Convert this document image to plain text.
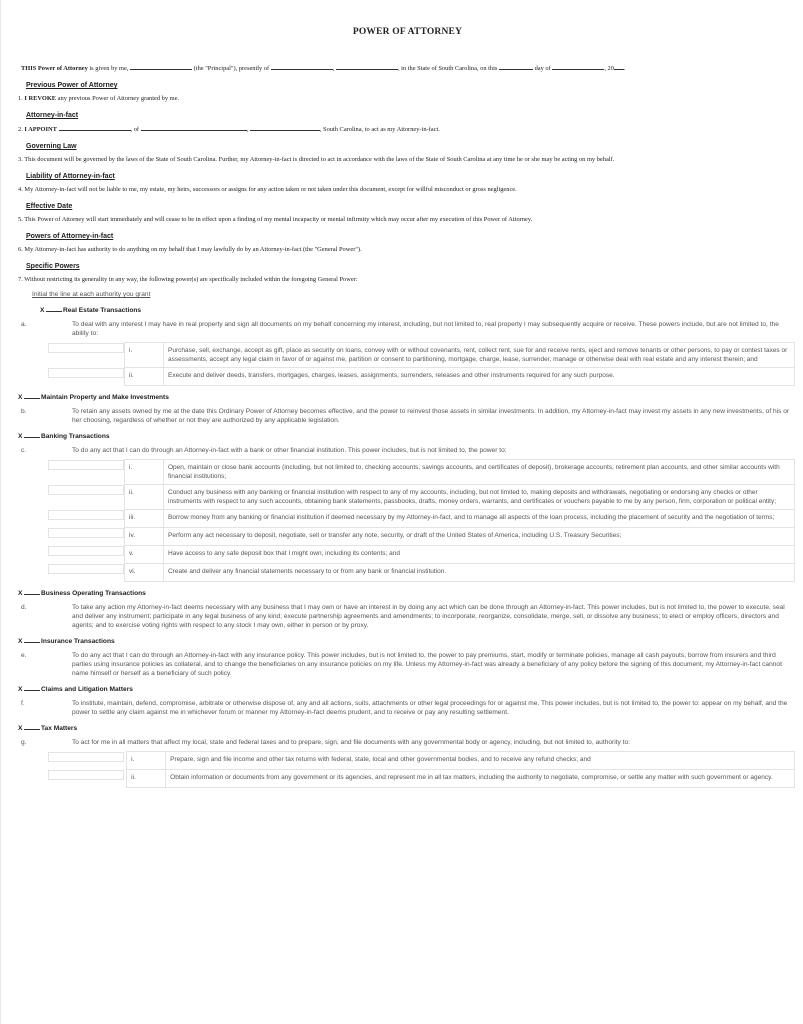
POWER OF ATTORNEY
THIS Power of Attorney is given by me,	(the "Principal"), presently of	,	, in the State of South Carolina, on this	day of	, 20 .
Previous Power of Attorney
1. I REVOKE any previous Power of Attorney granted by me.
Attorney-in-fact
2. I APPOINT	, of	,	, South Carolina, to act as my Attorney-in-fact.
Governing Law
3. This document will be governed by the laws of the State of South Carolina. Further, my Attorney-in-fact is directed to act in accordance with the laws of the State of South Carolina at any time he or she may be acting on my behalf.
Liability of Attorney-in-fact
4. My Attorney-in-fact will not be liable to me, my estate, my heirs, successors or assigns for any action taken or not taken under this document, except for willful misconduct or gross negligence.
Effective Date
5. This Power of Attorney will start immediately and will cease to be in effect upon a finding of my mental incapacity or mental infirmity which may occur after my execution of this Power of Attorney.
Powers of Attorney-in-fact
6. My Attorney-in-fact has authority to do anything on my behalf that I may lawfully do by an Attorney-in-fact (the "General Power").
Specific Powers
7. Without restricting its generality in any way, the following power(s) are specifically included within the foregoing General Power:
Initial the line at each authority you grant
X	Real Estate Transactions
a.	To deal with any interest I may have in real property and sign all documents on my behalf concerning my interest, including, but not limited to, real property I may subsequently acquire or receive. These powers include, but are not limited to, the ability to:
i.	Purchase, sell, exchange, accept as gift, place as security on loans, convey with or without covenants, rent, collect rent, sue for and receive rents, eject and remove tenants or other persons, to pay or contest taxes or assessments, accept any legal claim in favor of or against me, partition or consent to partitioning, mortgage, charge, lease, surrender, manage or otherwise deal with real estate and any interest therein; and
ii.	Execute and deliver deeds, transfers, mortgages, charges, leases, assignments, surrenders, releases and other instruments required for any such purpose.
X	Maintain Property and Make Investments
b.	To retain any assets owned by me at the date this Ordinary Power of Attorney becomes effective, and the power to reinvest those assets in similar investments. In addition, my Attorney-in-fact may invest my assets in any new investments, of his or her choosing, regardless of whether or not they are authorized by any applicable legislation.
X	Banking Transactions
c.	To do any act that I can do through an Attorney-in-fact with a bank or other financial institution. This power includes, but is not limited to, the power to:
i.	Open, maintain or close bank accounts (including, but not limited to, checking accounts, savings accounts, and certificates of deposit), brokerage accounts, retirement plan accounts, and other similar accounts with financial institutions;
ii.	Conduct any business with any banking or financial institution with respect to any of my accounts, including, but not limited to, making deposits and withdrawals, negotiating or endorsing any checks or other instruments with respect to any such accounts, obtaining bank statements, passbooks, drafts, money orders, warrants, and certificates or vouchers payable to me by any person, firm, corporation or political entity;
iii.	Borrow money from any banking or financial institution if deemed necessary by my Attorney-in-fact, and to manage all aspects of the loan process, including the placement of security and the negotiation of terms;
iv.	Perform any act necessary to deposit, negotiate, sell or transfer any note, security, or draft of the United States of America, including U.S. Treasury Securities;
v.	Have access to any safe deposit box that I might own, including its contents; and
vi.	Create and deliver any financial statements necessary to or from any bank or financial institution.
X	Business Operating Transactions
d.	To take any action my Attorney-in-fact deems necessary with any business that I may own or have an interest in by doing any act which can be done through an Attorney-in-fact. This power includes, but is not limited to, the power to execute, seal and deliver any instrument; participate in any legal business of any kind; execute partnership agreements and amendments; to incorporate, reorganize, consolidate, merge, sell, or dissolve any business; to elect or employ officers, directors and agents; and to exercise voting rights with respect to any stock I may own, either in person or by proxy.
X	Insurance Transactions
e.	To do any act that I can do through an Attorney-in-fact with any insurance policy. This power includes, but is not limited to, the power to pay premiums, start, modify or terminate policies, manage all cash payouts, borrow from insurers and third parties using insurance policies as collateral, and to change the beneficiaries on any insurance policies on my life. Unless my Attorney-in-fact was already a beneficiary of any policy before the signing of this document, my Attorney-in-fact cannot name himself or herself as a beneficiary of such policy.
X	Claims and Litigation Matters
f.	To institute, maintain, defend, compromise, arbitrate or otherwise dispose of, any and all actions, suits, attachments or other legal proceedings for or against me. This power includes, but is not limited to, the power to: appear on my behalf, and the power to settle any claim against me in whichever forum or manner my Attorney-in-fact deems prudent, and to receive or pay any resulting settlement.
X	Tax Matters
g.	To act for me in all matters that affect my local, state and federal taxes and to prepare, sign, and file documents with any governmental body or agency, including, but not limited to, authority to:
i.	Prepare, sign and file income and other tax returns with federal, state, local and other governmental bodies, and to receive any refund checks; and
ii.	Obtain information or documents from any government or its agencies, and represent me in all tax matters, including the authority to negotiate, compromise, or settle any matter with such government or agency.
